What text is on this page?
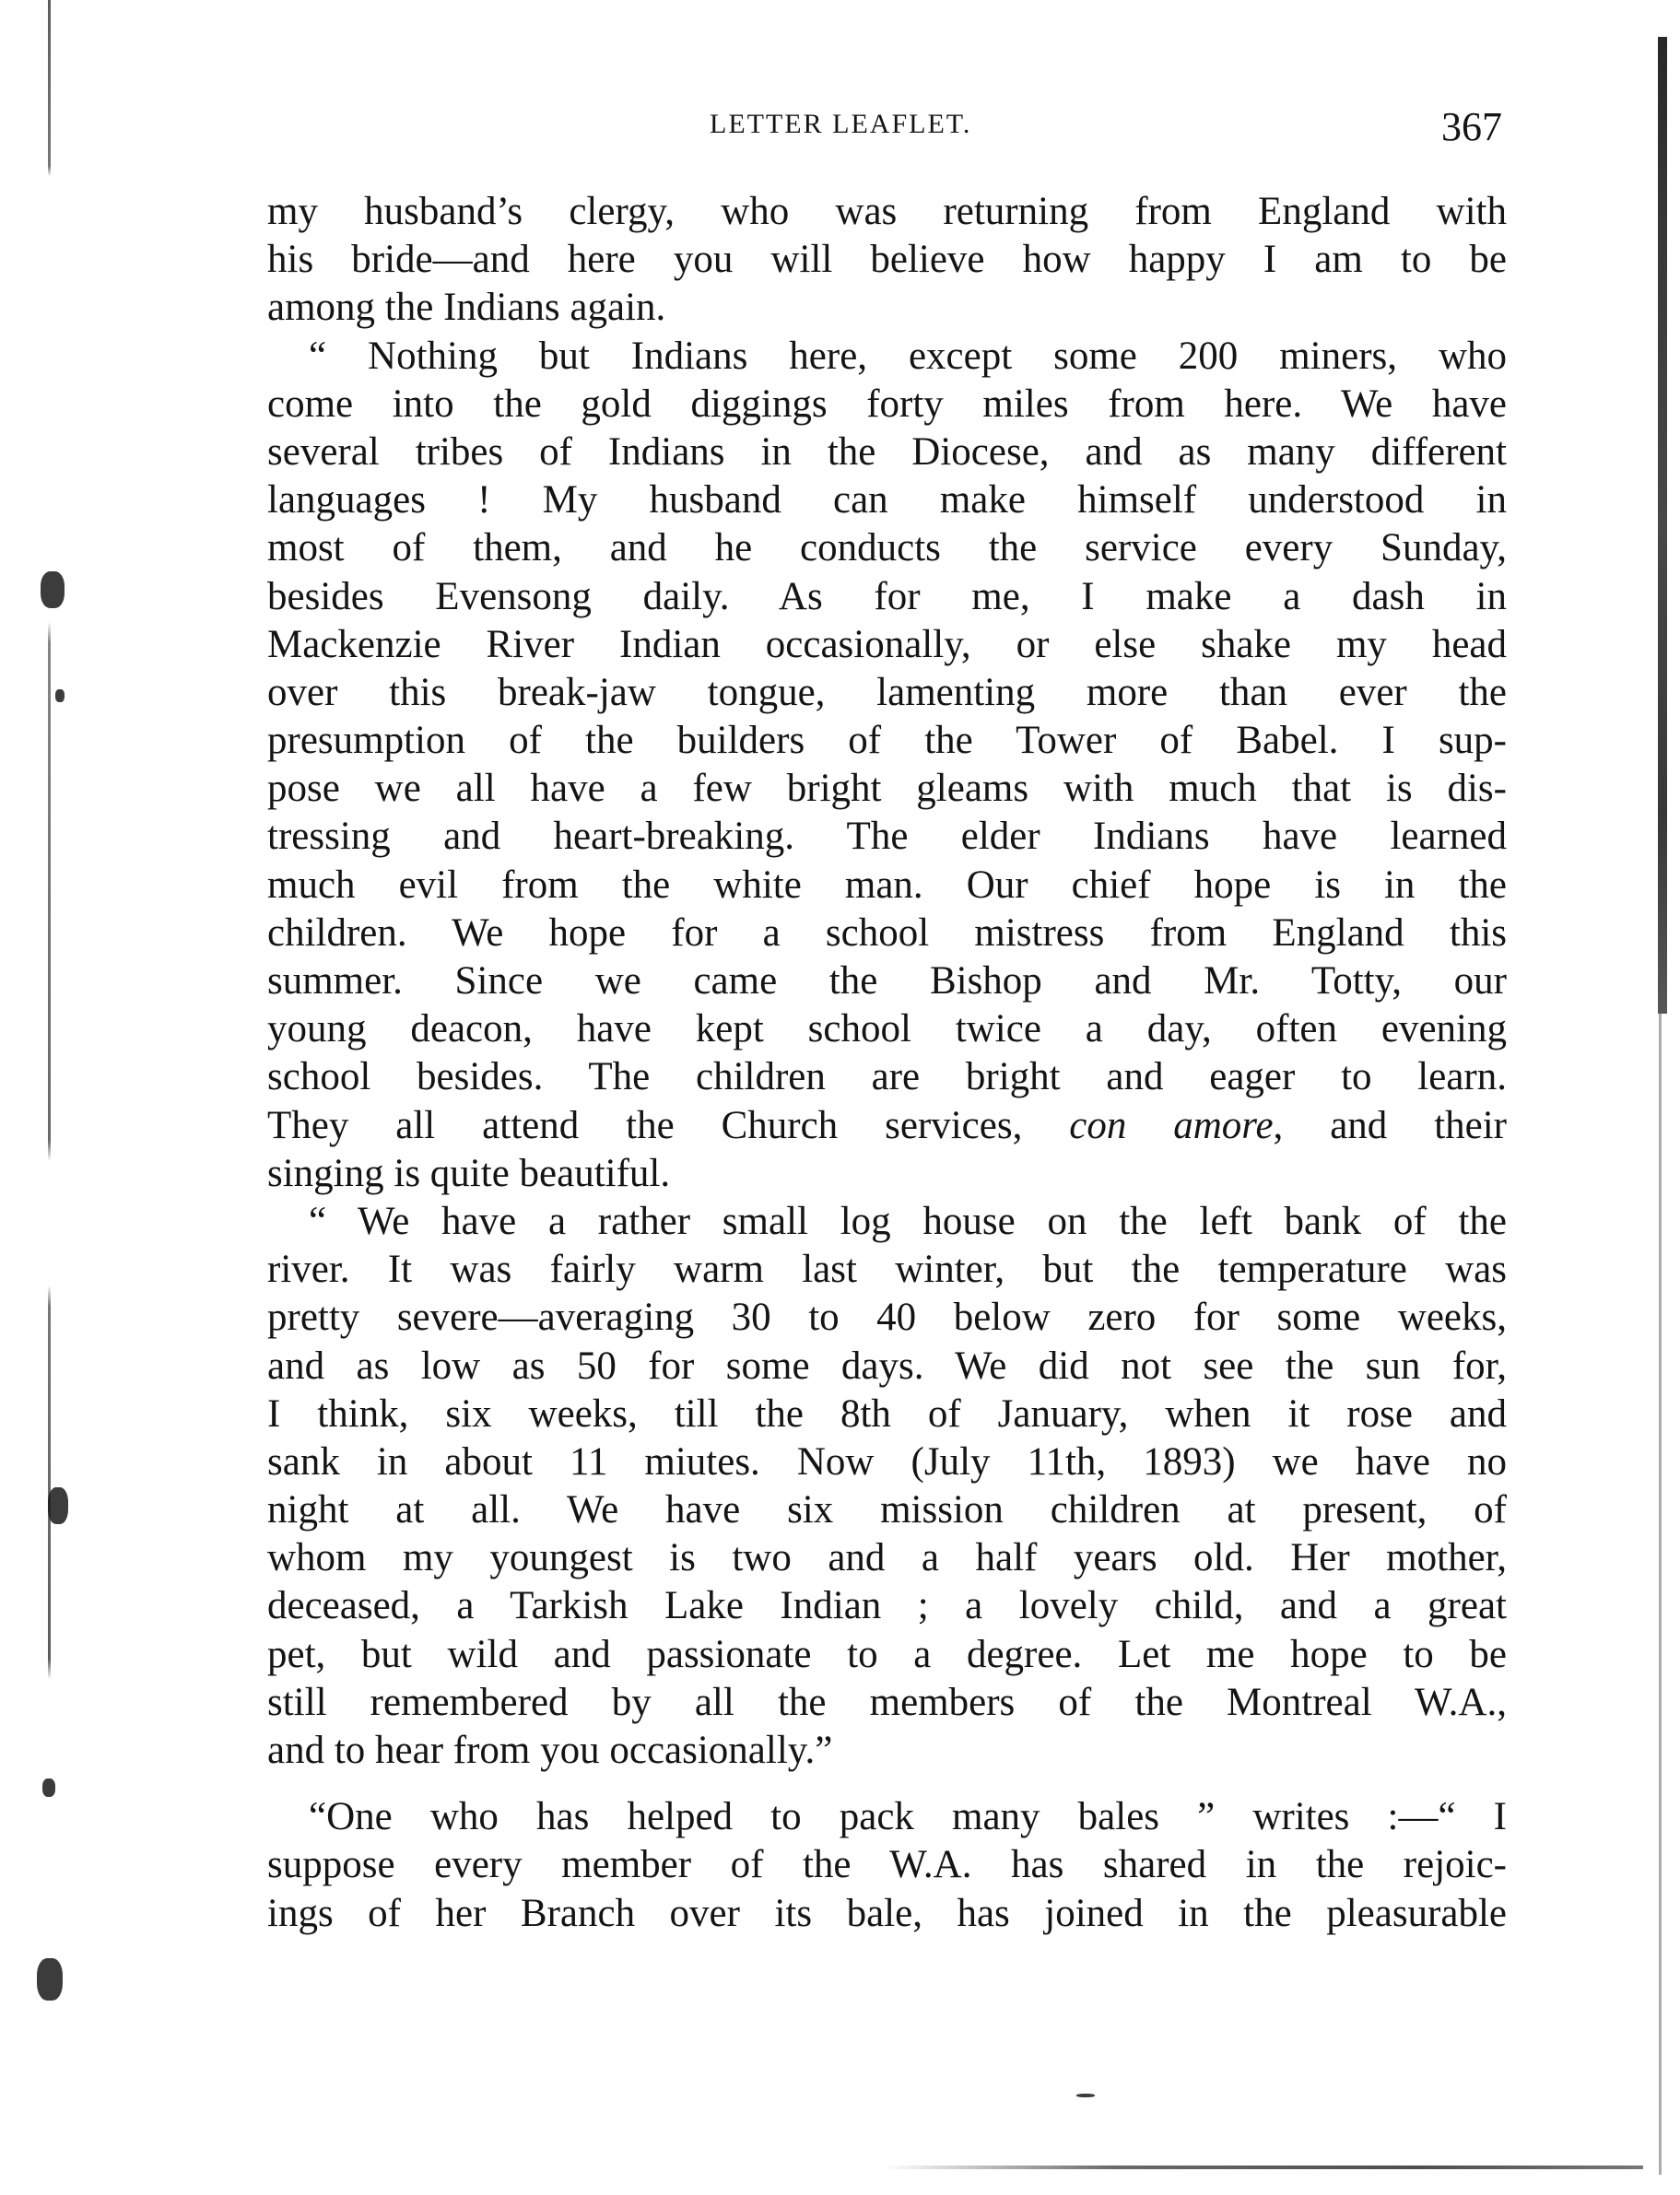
LETTER LEAFLET.	367
my husband’s clergy, who was returning from England with
his bride—and here you will believe how happy I am to be
among the Indians again.
“ Nothing but Indians here, except some 200 miners, who
come into the gold diggings forty miles from here. We have
several tribes of Indians in the Diocese, and as many different
languages ! My husband can make himself understood in
most of them, and he conducts the service every Sunday,
besides Evensong daily. As for me, I make a dash in
Mackenzie River Indian occasionally, or else shake my head
over this break-jaw tongue, lamenting more than ever the
presumption of the builders of the Tower of Babel. I sup-
pose we all have a few bright gleams with much that is dis-
tressing and heart-breaking. The elder Indians have learned
much evil from the white man. Our chief hope is in the
children. We hope for a school mistress from England this
summer. Since we came the Bishop and Mr. Totty, our
young deacon, have kept school twice a day, often evening
school besides. The children are bright and eager to learn.
They all attend the Church services, con amore, and their
singing is quite beautiful.
“ We have a rather small log house on the left bank of the
river. It was fairly warm last winter, but the temperature was
pretty severe—averaging 30 to 40 below zero for some weeks,
and as low as 50 for some days. We did not see the sun for,
I think, six weeks, till the 8th of January, when it rose and
sank in about 11 miutes. Now (July 11th, 1893) we have no
night at all. We have six mission children at present, of
whom my youngest is two and a half years old. Her mother,
deceased, a Tarkish Lake Indian ; a lovely child, and a great
pet, but wild and passionate to a degree. Let me hope to be
still remembered by all the members of the Montreal W.A.,
and to hear from you occasionally.”
“One who has helped to pack many bales ” writes :—“ I
suppose every member of the W.A. has shared in the rejoic-
ings of her Branch over its bale, has joined in the pleasurable
